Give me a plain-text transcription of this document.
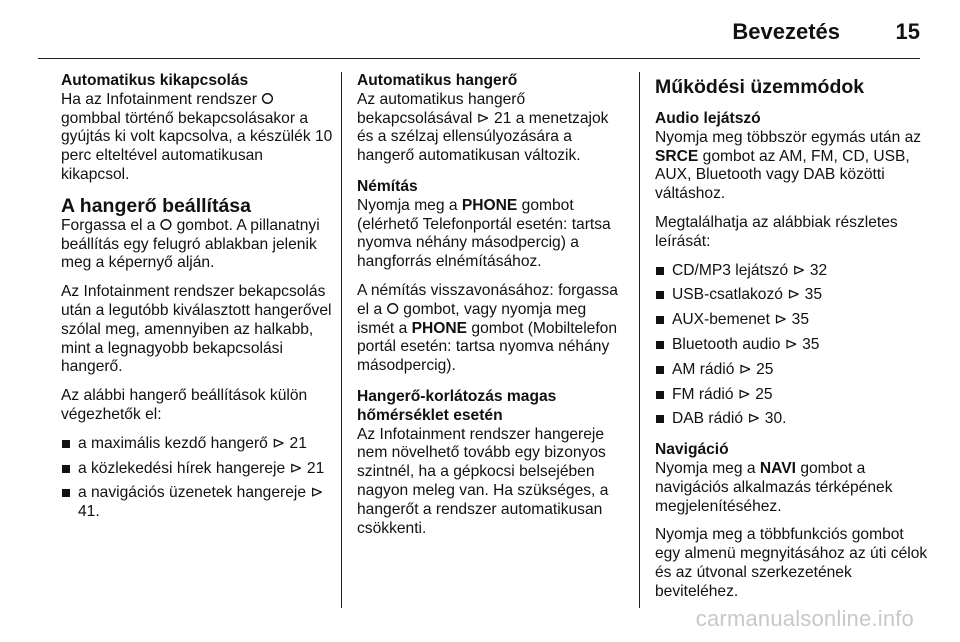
Bevezetés	15

Automatikus kikapcsolás

Ha az Infotainment rendszer ⭘ gombbal történő bekapcsolásakor a gyújtás ki volt kapcsolva, a készülék 10 perc elteltével automatikusan kikapcsol.

A hangerő beállítása

Forgassa el a ⭘ gombot. A pillanatnyi beállítás egy felugró ablakban jelenik meg a képernyő alján.

Az Infotainment rendszer bekapcsolás után a legutóbb kiválasztott hangerővel szólal meg, amennyiben az halkabb, mint a legnagyobb bekapcsolási hangerő.

Az alábbi hangerő beállítások külön végezhetők el:

a maximális kezdő hangerő ⊳ 21
a közlekedési hírek hangereje ⊳ 21
a navigációs üzenetek hangereje ⊳ 41.

Automatikus hangerő

Az automatikus hangerő bekapcsolásával ⊳ 21 a menetzajok és a szélzaj ellensúlyozására a hangerő automatikusan változik.

Némítás

Nyomja meg a PHONE gombot (elérhető Telefonportál esetén: tartsa nyomva néhány másodpercig) a hangforrás elnémításához.

A némítás visszavonásához: forgassa el a ⭘ gombot, vagy nyomja meg ismét a PHONE gombot (Mobiltelefon portál esetén: tartsa nyomva néhány másodpercig).

Hangerő-korlátozás magas hőmérséklet esetén

Az Infotainment rendszer hangereje nem növelhető tovább egy bizonyos szintnél, ha a gépkocsi belsejében nagyon meleg van. Ha szükséges, a hangerőt a rendszer automatikusan csökkenti.

Működési üzemmódok

Audio lejátszó

Nyomja meg többször egymás után az SRCE gombot az AM, FM, CD, USB, AUX, Bluetooth vagy DAB közötti váltáshoz.

Megtalálhatja az alábbiak részletes leírását:

CD/MP3 lejátszó ⊳ 32
USB-csatlakozó ⊳ 35
AUX-bemenet ⊳ 35
Bluetooth audio ⊳ 35
AM rádió ⊳ 25
FM rádió ⊳ 25
DAB rádió ⊳ 30.

Navigáció

Nyomja meg a NAVI gombot a navigációs alkalmazás térképének megjelenítéséhez.

Nyomja meg a többfunkciós gombot egy almenü megnyitásához az úti célok és az útvonal szerkezetének beviteléhez.

carmanualsonline.info
